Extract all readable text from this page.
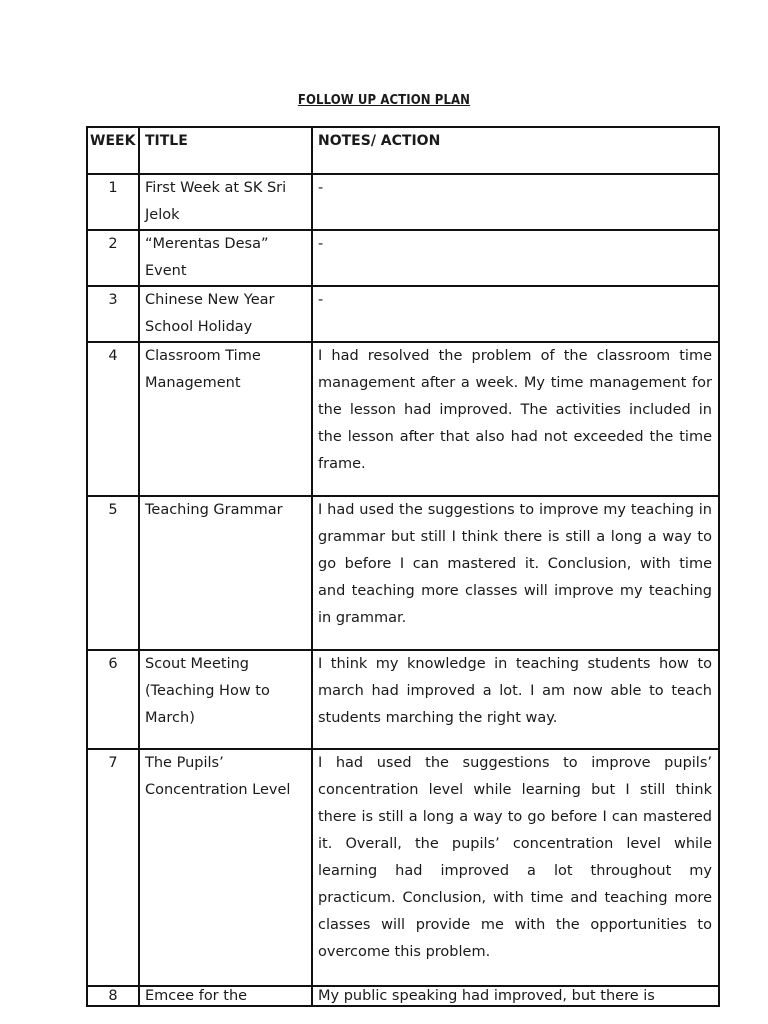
FOLLOW UP ACTION PLAN
WEEK	TITLE	NOTES/ ACTION
1	First Week at SK Sri Jelok	-
2	“Merentas Desa” Event	-
3	Chinese New Year School Holiday	-
4	Classroom Time Management	I had resolved the problem of the classroom time management after a week. My time management for the lesson had improved. The activities included in the lesson after that also had not exceeded the time frame.
5	Teaching Grammar	I had used the suggestions to improve my teaching in grammar but still I think there is still a long a way to go before I can mastered it. Conclusion, with time and teaching more classes will improve my teaching in grammar.
6	Scout Meeting (Teaching How to March)	I think my knowledge in teaching students how to march had improved a lot. I am now able to teach students marching the right way.
7	The Pupils’ Concentration Level	I had used the suggestions to improve pupils’ concentration level while learning but I still think there is still a long a way to go before I can mastered it. Overall, the pupils’ concentration level while learning had improved a lot throughout my practicum. Conclusion, with time and teaching more classes will provide me with the opportunities to overcome this problem.
8	Emcee for the	My public speaking had improved, but there is
